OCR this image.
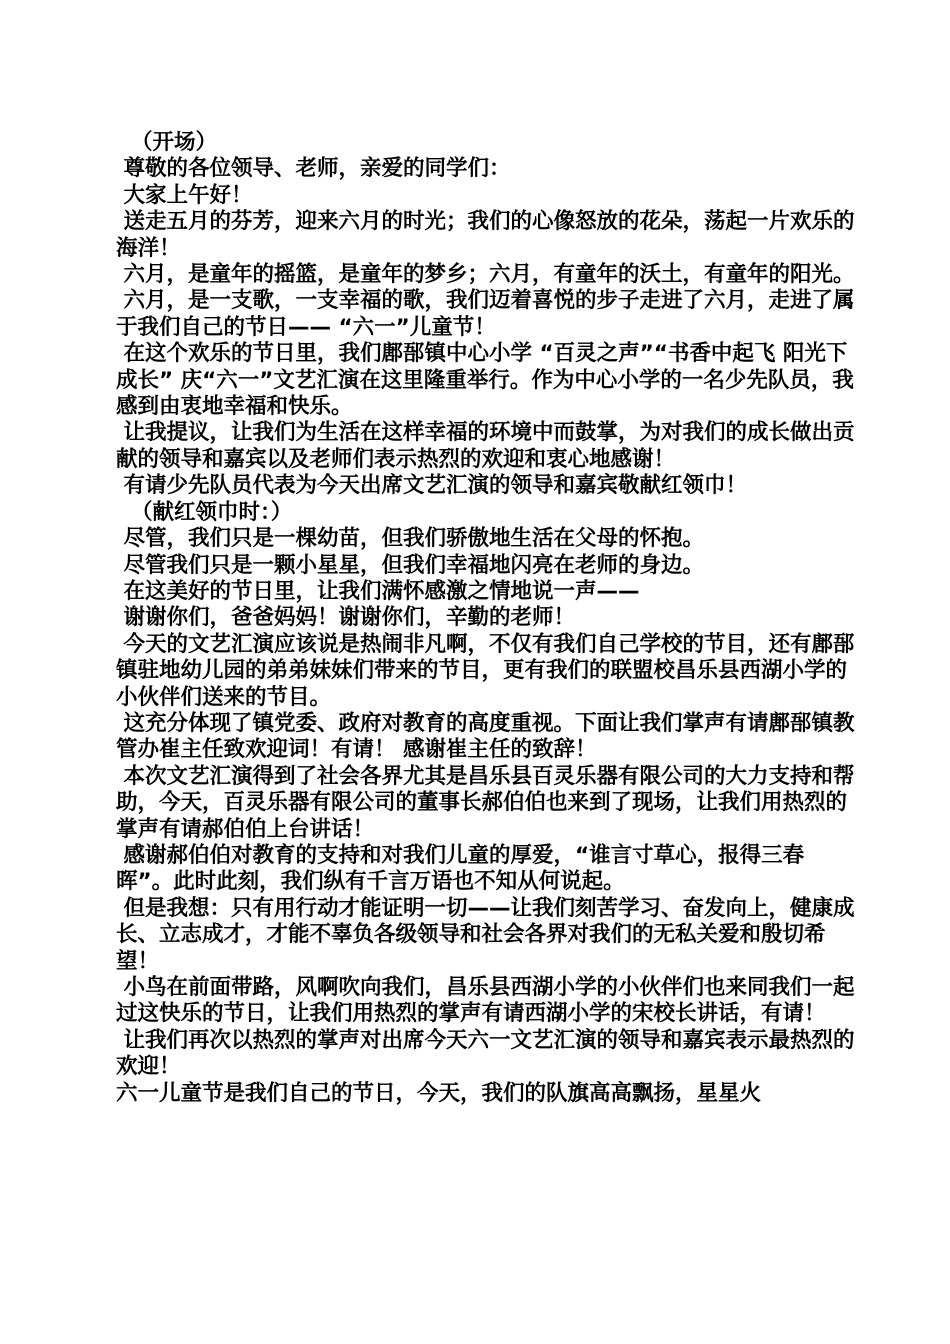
（开场）

尊敬的各位领导、老师，亲爱的同学们：

大家上午好！

送走五月的芬芳，迎来六月的时光；我们的心像怒放的花朵，荡起一片欢乐的海洋！

六月，是童年的摇篮，是童年的梦乡；六月，有童年的沃土，有童年的阳光。

六月，是一支歌，一支幸福的歌，我们迈着喜悦的步子走进了六月，走进了属于我们自己的节日—— “六一”儿童节！

在这个欢乐的节日里，我们鄌郚镇中心小学 “百灵之声”“书香中起飞 阳光下成长” 庆“六一”文艺汇演在这里隆重举行。作为中心小学的一名少先队员，我感到由衷地幸福和快乐。

让我提议，让我们为生活在这样幸福的环境中而鼓掌，为对我们的成长做出贡献的领导和嘉宾以及老师们表示热烈的欢迎和衷心地感谢！

有请少先队员代表为今天出席文艺汇演的领导和嘉宾敬献红领巾！

（献红领巾时：）

尽管，我们只是一棵幼苗，但我们骄傲地生活在父母的怀抱。

尽管我们只是一颗小星星，但我们幸福地闪亮在老师的身边。

在这美好的节日里，让我们满怀感激之情地说一声——

谢谢你们，爸爸妈妈！谢谢你们，辛勤的老师！

今天的文艺汇演应该说是热闹非凡啊，不仅有我们自己学校的节目，还有鄌郚镇驻地幼儿园的弟弟妹妹们带来的节目，更有我们的联盟校昌乐县西湖小学的小伙伴们送来的节目。

这充分体现了镇党委、政府对教育的高度重视。下面让我们掌声有请鄌郚镇教管办崔主任致欢迎词！有请！ 感谢崔主任的致辞！

本次文艺汇演得到了社会各界尤其是昌乐县百灵乐器有限公司的大力支持和帮助，今天，百灵乐器有限公司的董事长郝伯伯也来到了现场，让我们用热烈的掌声有请郝伯伯上台讲话！

感谢郝伯伯对教育的支持和对我们儿童的厚爱，“谁言寸草心，报得三春晖”。此时此刻，我们纵有千言万语也不知从何说起。

但是我想：只有用行动才能证明一切——让我们刻苦学习、奋发向上，健康成长、立志成才，才能不辜负各级领导和社会各界对我们的无私关爱和殷切希望！

小鸟在前面带路，风啊吹向我们，昌乐县西湖小学的小伙伴们也来同我们一起过这快乐的节日，让我们用热烈的掌声有请西湖小学的宋校长讲话，有请！

让我们再次以热烈的掌声对出席今天六一文艺汇演的领导和嘉宾表示最热烈的欢迎！

六一儿童节是我们自己的节日，今天，我们的队旗高高飘扬，星星火
